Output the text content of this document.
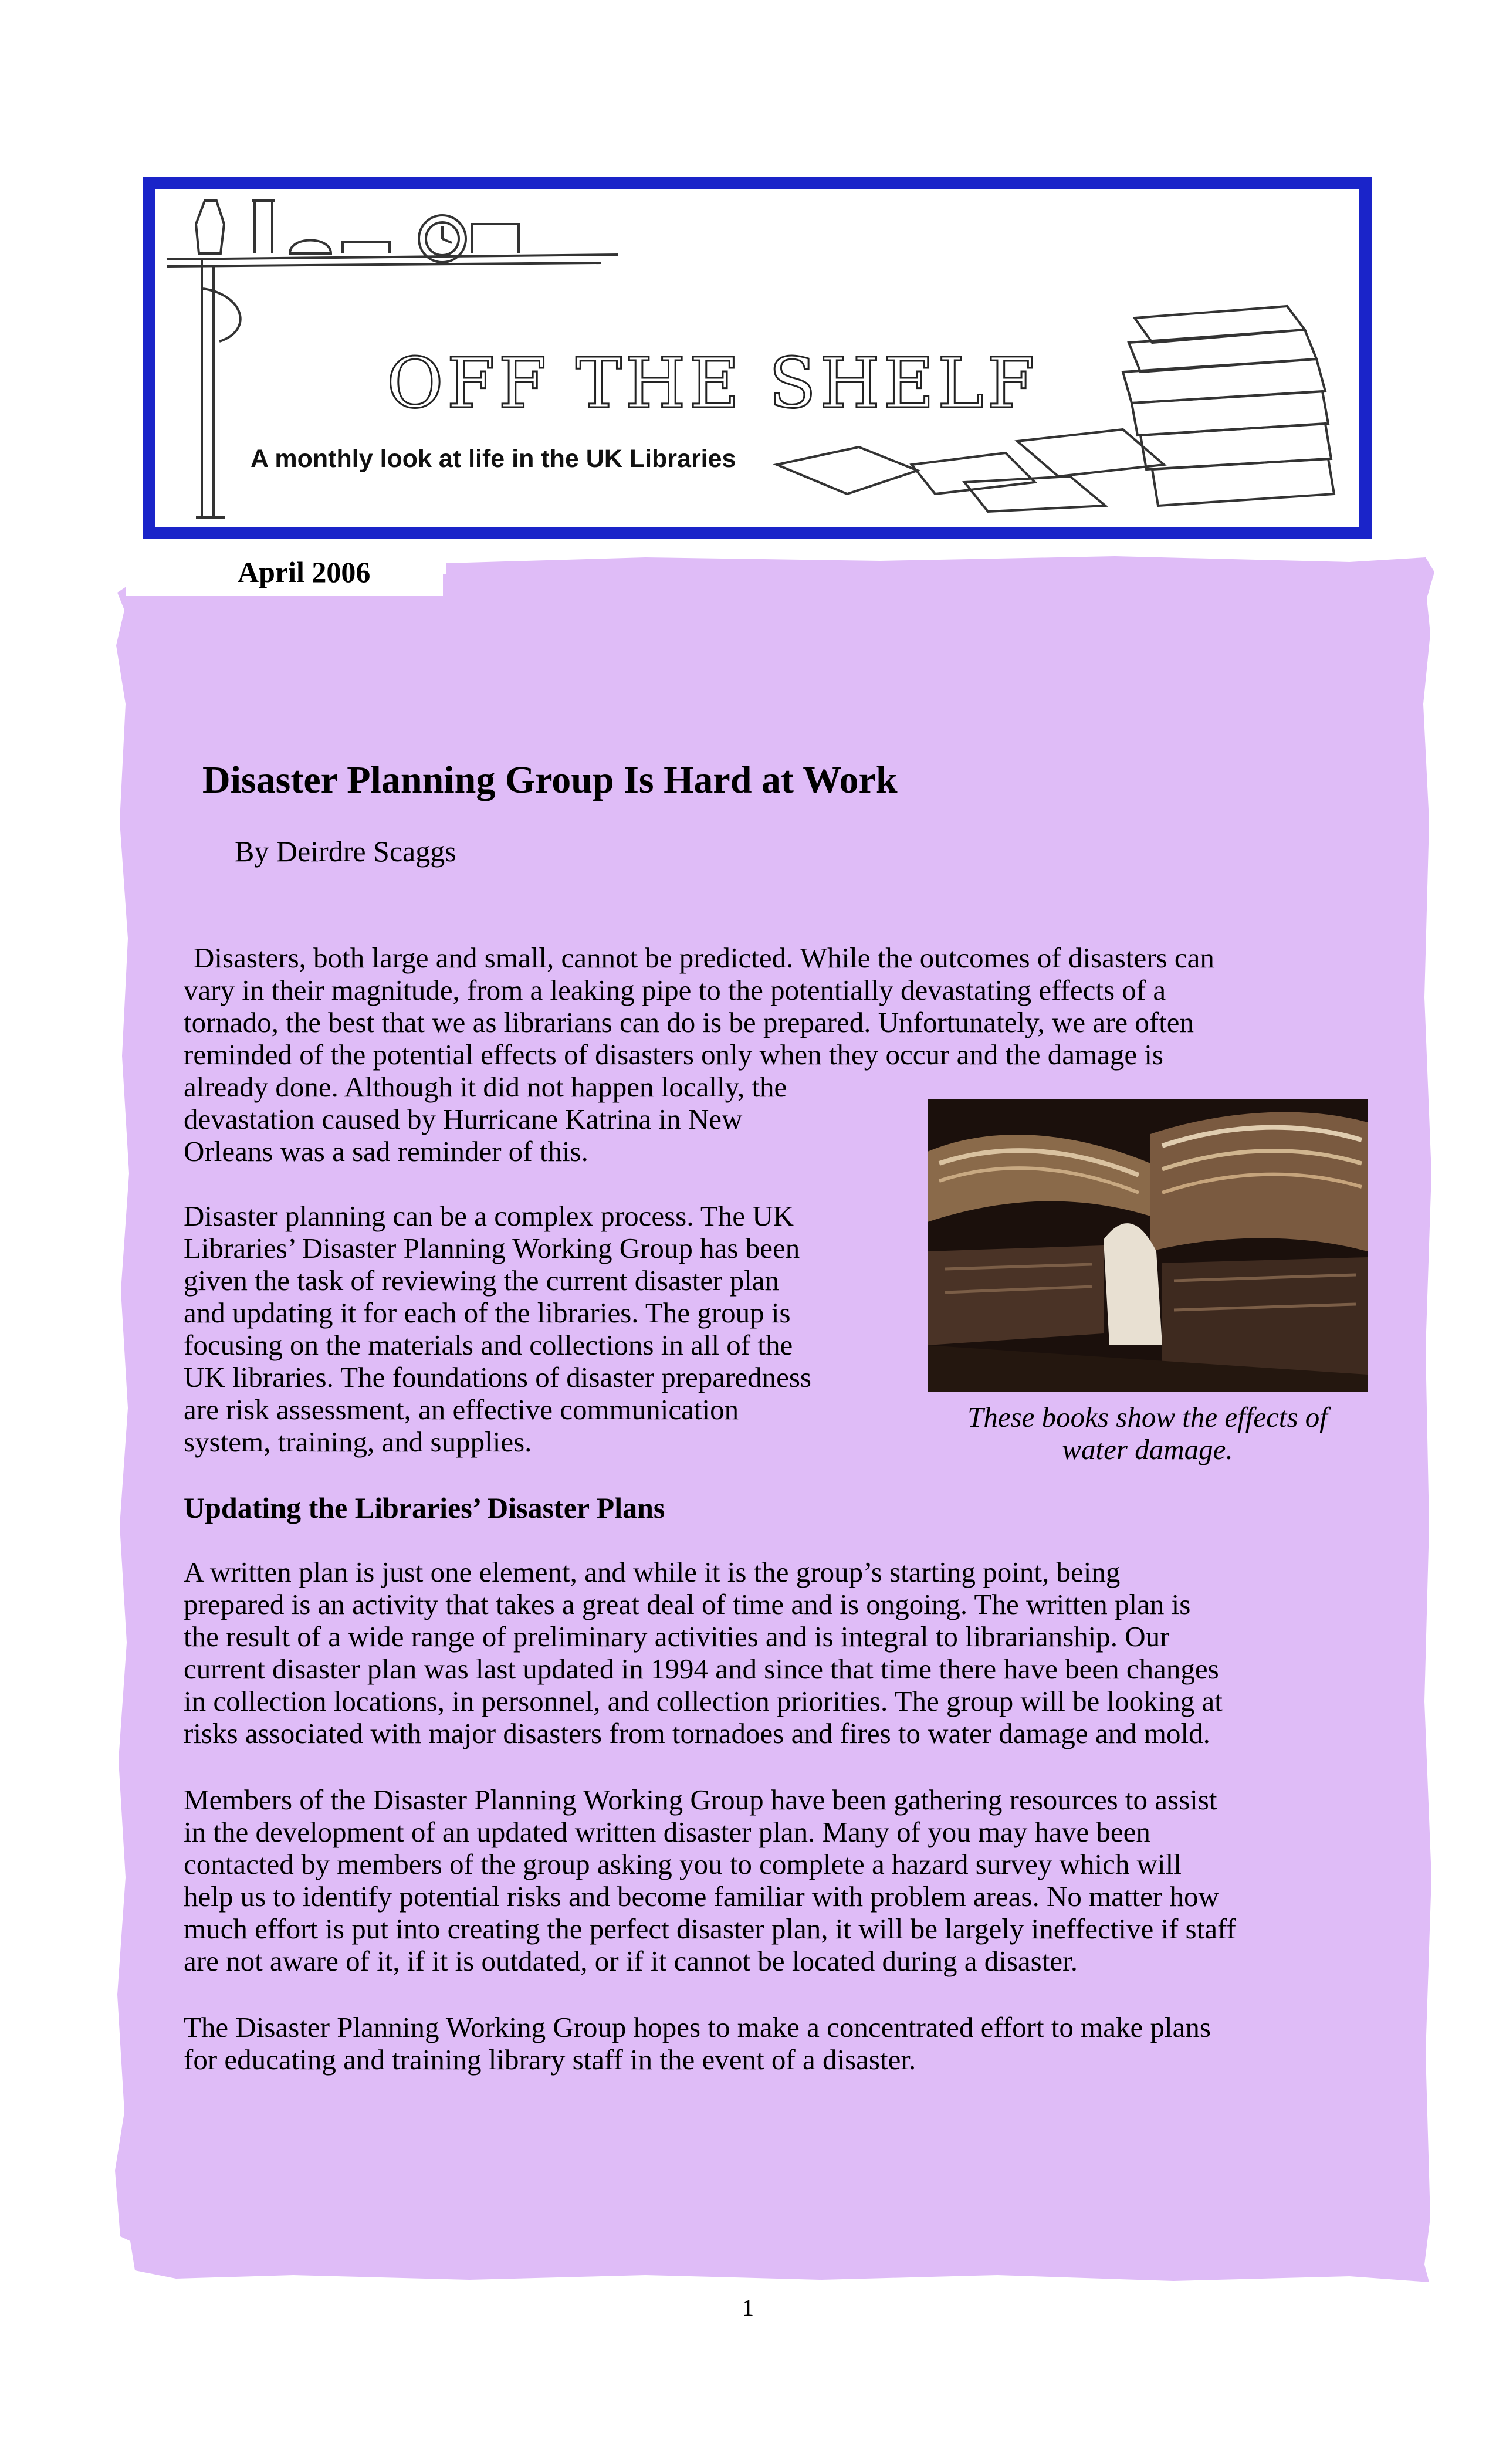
OFF THE SHELF
A monthly look at life in the UK Libraries
April 2006
Disaster Planning Group Is Hard at Work
By Deirdre Scaggs
Disasters, both large and small, cannot be predicted. While the outcomes of disasters can
vary in their magnitude, from a leaking pipe to the potentially devastating effects of a
tornado, the best that we as librarians can do is be prepared. Unfortunately, we are often
reminded of the potential effects of disasters only when they occur and the damage is
already done. Although it did not happen locally, the
devastation caused by Hurricane Katrina in New
Orleans was a sad reminder of this.
Disaster planning can be a complex process. The UK
Libraries’ Disaster Planning Working Group has been
given the task of reviewing the current disaster plan
and updating it for each of the libraries. The group is
focusing on the materials and collections in all of the
UK libraries. The foundations of disaster preparedness
are risk assessment, an effective communication
system, training, and supplies.
These books show the effects of
water damage.
Updating the Libraries’ Disaster Plans
A written plan is just one element, and while it is the group’s starting point, being
prepared is an activity that takes a great deal of time and is ongoing. The written plan is
the result of a wide range of preliminary activities and is integral to librarianship. Our
current disaster plan was last updated in 1994 and since that time there have been changes
in collection locations, in personnel, and collection priorities. The group will be looking at
risks associated with major disasters from tornadoes and fires to water damage and mold.
Members of the Disaster Planning Working Group have been gathering resources to assist
in the development of an updated written disaster plan. Many of you may have been
contacted by members of the group asking you to complete a hazard survey which will
help us to identify potential risks and become familiar with problem areas. No matter how
much effort is put into creating the perfect disaster plan, it will be largely ineffective if staff
are not aware of it, if it is outdated, or if it cannot be located during a disaster.
The Disaster Planning Working Group hopes to make a concentrated effort to make plans
for educating and training library staff in the event of a disaster.
1
